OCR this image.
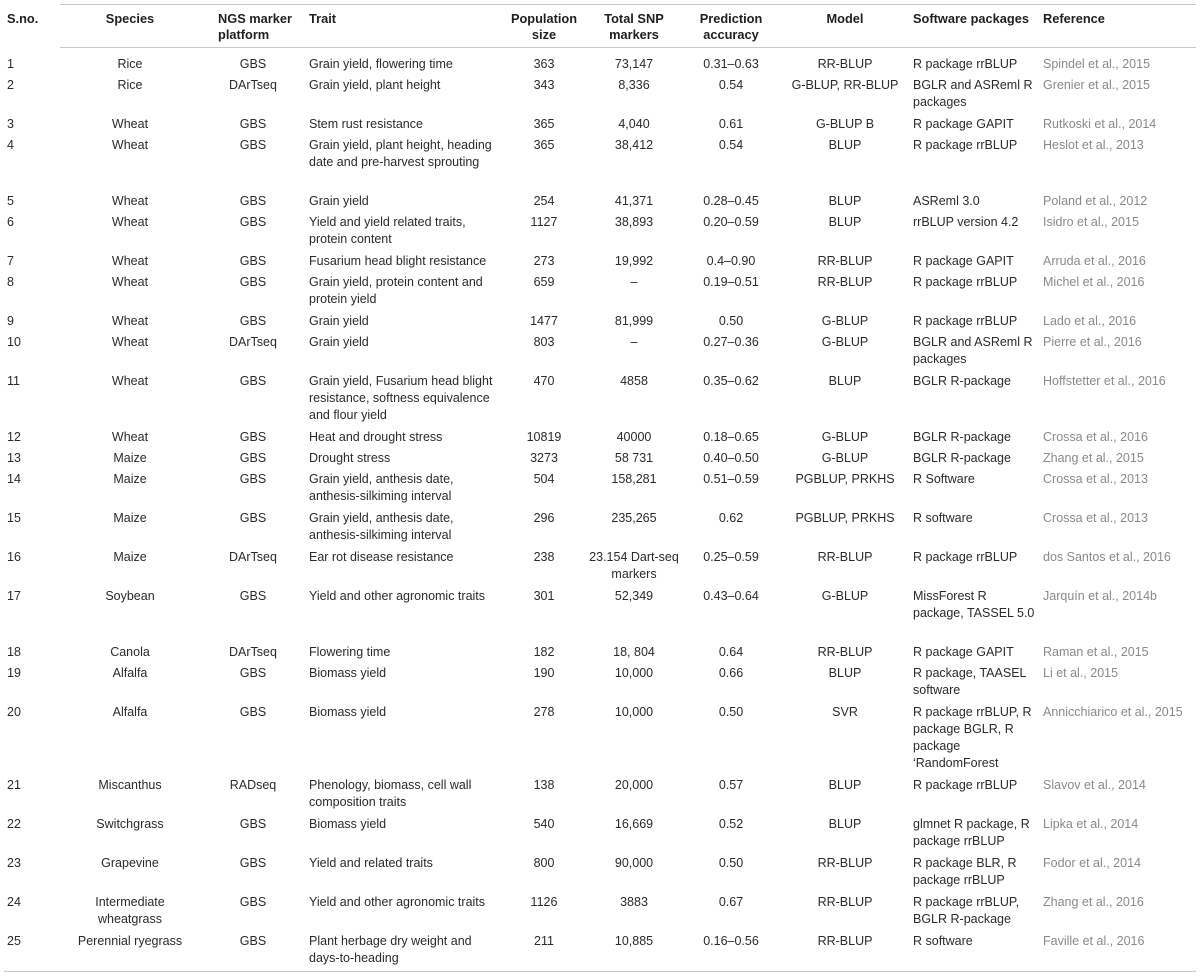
S.no.	Species	NGS marker platform	Trait	Population size	Total SNP markers	Prediction accuracy	Model	Software packages	Reference
1	Rice	GBS	Grain yield, flowering time	363	73,147	0.31–0.63	RR-BLUP	R package rrBLUP	Spindel et al., 2015
2	Rice	DArTseq	Grain yield, plant height	343	8,336	0.54	G-BLUP, RR-BLUP	BGLR and ASReml R packages	Grenier et al., 2015
3	Wheat	GBS	Stem rust resistance	365	4,040	0.61	G-BLUP B	R package GAPIT	Rutkoski et al., 2014
4	Wheat	GBS	Grain yield, plant height, heading date and pre-harvest sprouting	365	38,412	0.54	BLUP	R package rrBLUP	Heslot et al., 2013
5	Wheat	GBS	Grain yield	254	41,371	0.28–0.45	BLUP	ASReml 3.0	Poland et al., 2012
6	Wheat	GBS	Yield and yield related traits, protein content	1127	38,893	0.20–0.59	BLUP	rrBLUP version 4.2	Isidro et al., 2015
7	Wheat	GBS	Fusarium head blight resistance	273	19,992	0.4–0.90	RR-BLUP	R package GAPIT	Arruda et al., 2016
8	Wheat	GBS	Grain yield, protein content and protein yield	659	–	0.19–0.51	RR-BLUP	R package rrBLUP	Michel et al., 2016
9	Wheat	GBS	Grain yield	1477	81,999	0.50	G-BLUP	R package rrBLUP	Lado et al., 2016
10	Wheat	DArTseq	Grain yield	803	–	0.27–0.36	G-BLUP	BGLR and ASReml R packages	Pierre et al., 2016
11	Wheat	GBS	Grain yield, Fusarium head blight resistance, softness equivalence and flour yield	470	4858	0.35–0.62	BLUP	BGLR R-package	Hoffstetter et al., 2016
12	Wheat	GBS	Heat and drought stress	10819	40000	0.18–0.65	G-BLUP	BGLR R-package	Crossa et al., 2016
13	Maize	GBS	Drought stress	3273	58 731	0.40–0.50	G-BLUP	BGLR R-package	Zhang et al., 2015
14	Maize	GBS	Grain yield, anthesis date, anthesis-silkiming interval	504	158,281	0.51–0.59	PGBLUP, PRKHS	R Software	Crossa et al., 2013
15	Maize	GBS	Grain yield, anthesis date, anthesis-silkiming interval	296	235,265	0.62	PGBLUP, PRKHS	R software	Crossa et al., 2013
16	Maize	DArTseq	Ear rot disease resistance	238	23.154 Dart-seq markers	0.25–0.59	RR-BLUP	R package rrBLUP	dos Santos et al., 2016
17	Soybean	GBS	Yield and other agronomic traits	301	52,349	0.43–0.64	G-BLUP	MissForest R package, TASSEL 5.0	Jarquín et al., 2014b
18	Canola	DArTseq	Flowering time	182	18, 804	0.64	RR-BLUP	R package GAPIT	Raman et al., 2015
19	Alfalfa	GBS	Biomass yield	190	10,000	0.66	BLUP	R package, TAASEL software	Li et al., 2015
20	Alfalfa	GBS	Biomass yield	278	10,000	0.50	SVR	R package rrBLUP, R package BGLR, R package ‘RandomForest	Annicchiarico et al., 2015
21	Miscanthus	RADseq	Phenology, biomass, cell wall composition traits	138	20,000	0.57	BLUP	R package rrBLUP	Slavov et al., 2014
22	Switchgrass	GBS	Biomass yield	540	16,669	0.52	BLUP	glmnet R package, R package rrBLUP	Lipka et al., 2014
23	Grapevine	GBS	Yield and related traits	800	90,000	0.50	RR-BLUP	R package BLR, R package rrBLUP	Fodor et al., 2014
24	Intermediate wheatgrass	GBS	Yield and other agronomic traits	1126	3883	0.67	RR-BLUP	R package rrBLUP, BGLR R-package	Zhang et al., 2016
25	Perennial ryegrass	GBS	Plant herbage dry weight and days-to-heading	211	10,885	0.16–0.56	RR-BLUP	R software	Faville et al., 2016
